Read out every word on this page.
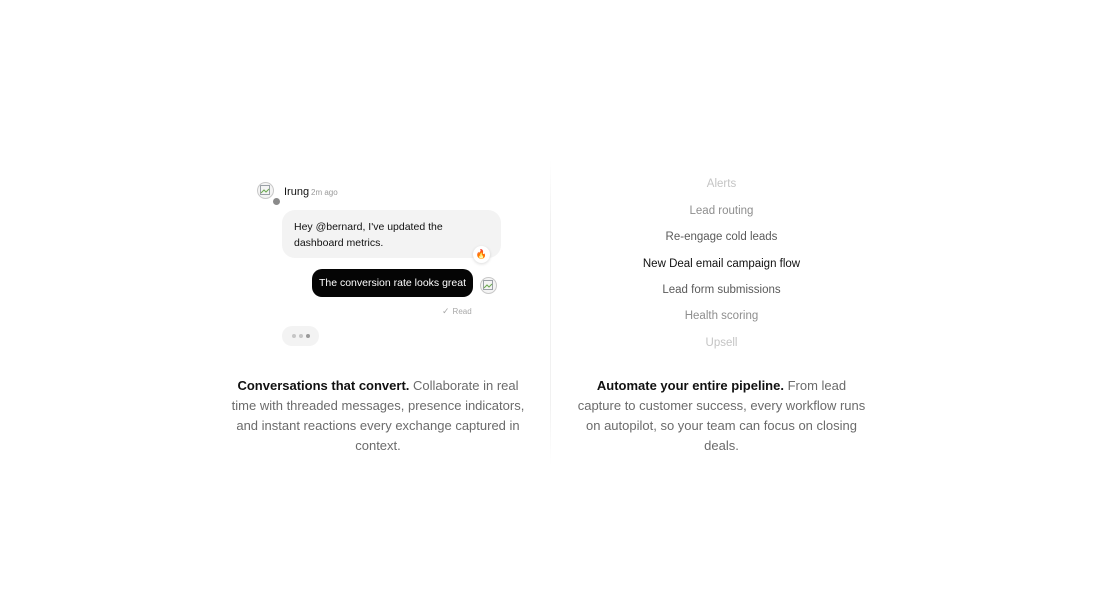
Irung 2m ago
Hey @bernard, I've updated the dashboard metrics.
🔥
The conversion rate looks great
✓ Read
Conversations that convert. Collaborate in real time with threaded messages, presence indicators, and instant reactions every exchange captured in context.
Alerts
Lead routing
Re-engage cold leads
New Deal email campaign flow
Lead form submissions
Health scoring
Upsell
Automate your entire pipeline. From lead capture to customer success, every workflow runs on autopilot, so your team can focus on closing deals.
